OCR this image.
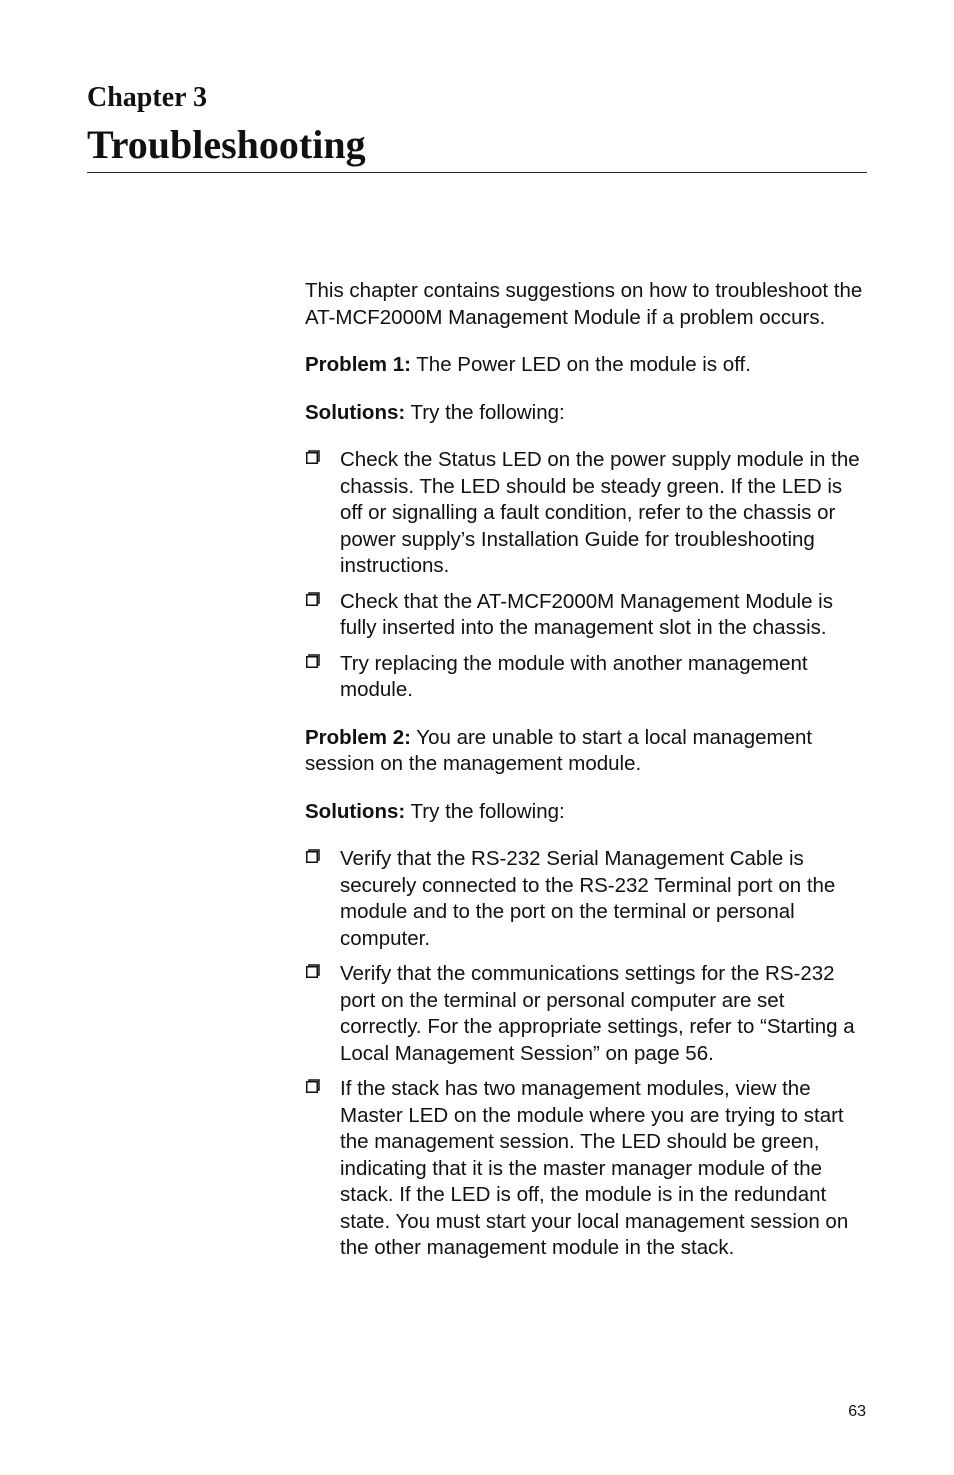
Chapter 3
Troubleshooting

This chapter contains suggestions on how to troubleshoot the AT-MCF2000M Management Module if a problem occurs.

Problem 1: The Power LED on the module is off.

Solutions: Try the following:

Check the Status LED on the power supply module in the chassis. The LED should be steady green. If the LED is off or signalling a fault condition, refer to the chassis or power supply’s Installation Guide for troubleshooting instructions.
Check that the AT-MCF2000M Management Module is fully inserted into the management slot in the chassis.
Try replacing the module with another management module.

Problem 2: You are unable to start a local management session on the management module.

Solutions: Try the following:

Verify that the RS-232 Serial Management Cable is securely connected to the RS-232 Terminal port on the module and to the port on the terminal or personal computer.
Verify that the communications settings for the RS-232 port on the terminal or personal computer are set correctly. For the appropriate settings, refer to “Starting a Local Management Session” on page 56.
If the stack has two management modules, view the Master LED on the module where you are trying to start the management session. The LED should be green, indicating that it is the master manager module of the stack. If the LED is off, the module is in the redundant state. You must start your local management session on the other management module in the stack.
63
